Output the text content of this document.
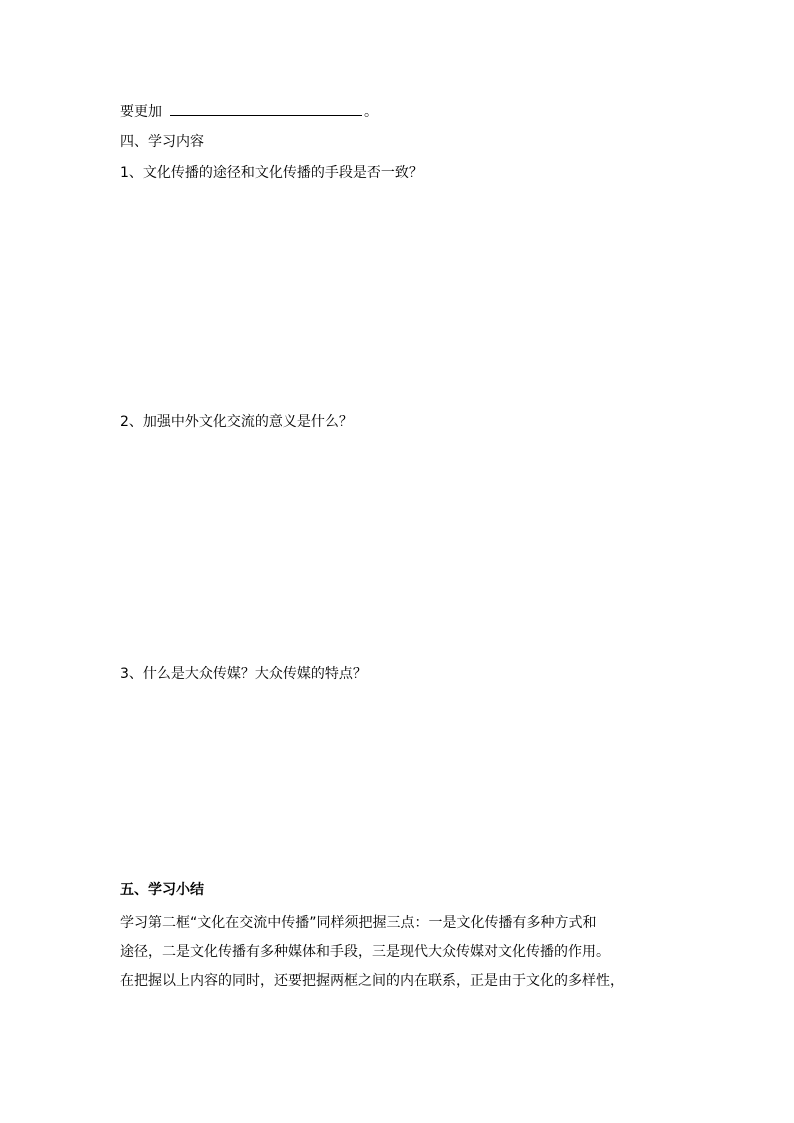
要更加	。
四、学习内容
1、文化传播的途径和文化传播的手段是否一致？
2、加强中外文化交流的意义是什么？
3、什么是大众传媒？大众传媒的特点？
五、学习小结
学习第二框“文化在交流中传播”同样须把握三点：一是文化传播有多种方式和
途径，二是文化传播有多种媒体和手段，三是现代大众传媒对文化传播的作用。
在把握以上内容的同时，还要把握两框之间的内在联系，正是由于文化的多样性，
